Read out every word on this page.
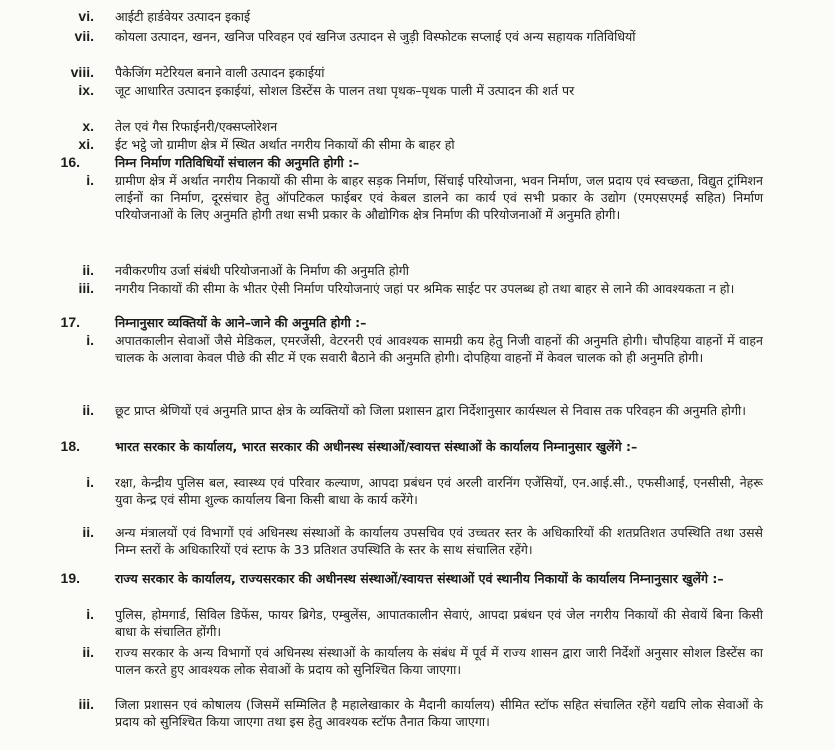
vi. आईटी हार्डवेयर उत्पादन इकाई
vii. कोयला उत्पादन, खनन, खनिज परिवहन एवं खनिज उत्पादन से जुड़ी विस्फोटक सप्लाई एवं अन्य सहायक गतिविधियों
viii. पैकेजिंग मटेरियल बनाने वाली उत्पादन इकाईयां
ix. जूट आधारित उत्पादन इकाईयां, सोशल डिस्टेंस के पालन तथा पृथक–पृथक पाली में उत्पादन की शर्त पर
x. तेल एवं गैस रिफाईनरी/एक्सप्लोरेशन
xi. ईट भट्ठे जो ग्रामीण क्षेत्र में स्थित अर्थात नगरीय निकायों की सीमा के बाहर हो
16.	निम्न निर्माण गतिविधियों संचालन की अनुमति होगी :–
i. ग्रामीण क्षेत्र में अर्थात नगरीय निकायों की सीमा के बाहर सड़क निर्माण, सिंचाई परियोजना, भवन निर्माण, जल प्रदाय एवं स्वच्छता, विद्युत ट्रांमिशन लाईनों का निर्माण, दूरसंचार हेतु ऑपटिकल फाईबर एवं केबल डालने का कार्य एवं सभी प्रकार के उद्योग (एमएसएमई सहित) निर्माण परियोजनाओं के लिए अनुमति होगी तथा सभी प्रकार के औद्योगिक क्षेत्र निर्माण की परियोजनाओं में अनुमति होगी।
ii. नवीकरणीय उर्जा संबंधी परियोजनाओं के निर्माण की अनुमति होगी
iii. नगरीय निकायों की सीमा के भीतर ऐसी निर्माण परियोजनाएं जहां पर श्रमिक साईट पर उपलब्ध हो तथा बाहर से लाने की आवश्यकता न हो।
17.	निम्नानुसार व्यक्तियों के आने–जाने की अनुमति होगी :–
i. अपातकालीन सेवाओं जैसे मेडिकल, एमरजेंसी, वेटरनरी एवं आवश्यक सामग्री कय हेतु निजी वाहनों की अनुमति होगी। चौपहिया वाहनों में वाहन चालक के अलावा केवल पीछे की सीट में एक सवारी बैठाने की अनुमति होगी। दोपहिया वाहनों में केवल चालक को ही अनुमति होगी।
ii. छूट प्राप्त श्रेणियों एवं अनुमति प्राप्त क्षेत्र के व्यक्तियों को जिला प्रशासन द्वारा निर्देशानुसार कार्यस्थल से निवास तक परिवहन की अनुमति होगी।
18.	भारत सरकार के कार्यालय, भारत सरकार की अधीनस्थ संस्थाओं/स्वायत्त संस्थाओं के कार्यालय निम्नानुसार खुलेंगे :–
i. रक्षा, केन्द्रीय पुलिस बल, स्वास्थ्य एवं परिवार कल्याण, आपदा प्रबंधन एवं अरली वारनिंग एजेंसियों, एन.आई.सी., एफसीआई, एनसीसी, नेहरू युवा केन्द्र एवं सीमा शुल्क कार्यालय बिना किसी बाधा के कार्य करेंगे।
ii. अन्य मंत्रालयों एवं विभागों एवं अधिनस्थ संस्थाओं के कार्यालय उपसचिव एवं उच्चतर स्तर के अधिकारियों की शतप्रतिशत उपस्थिति तथा उससे निम्न स्तरों के अधिकारियों एवं स्टाफ के 33 प्रतिशत उपस्थिति के स्तर के साथ संचालित रहेंगे।
19.	राज्य सरकार के कार्यालय, राज्यसरकार की अधीनस्थ संस्थाओं/स्वायत्त संस्थाओं एवं स्थानीय निकायों के कार्यालय निम्नानुसार खुलेंगे :–
i. पुलिस, होमगार्ड, सिविल डिफेंस, फायर ब्रिगेड, एम्बुलेंस, आपातकालीन सेवाएं, आपदा प्रबंधन एवं जेल नगरीय निकायों की सेवायें बिना किसी बाधा के संचालित होंगी।
ii. राज्य सरकार के अन्य विभागों एवं अधिनस्थ संस्थाओं के कार्यालय के संबंध में पूर्व में राज्य शासन द्वारा जारी निर्देशों अनुसार सोशल डिस्टेंस का पालन करते हुए आवश्यक लोक सेवाओं के प्रदाय को सुनिश्चित किया जाएगा।
iii. जिला प्रशासन एवं कोषालय (जिसमें सम्मिलित है महालेखाकार के मैदानी कार्यालय) सीमित स्टॉफ सहित संचालित रहेंगे यद्यपि लोक सेवाओं के प्रदाय को सुनिश्चित किया जाएगा तथा इस हेतु आवश्यक स्टॉफ तैनात किया जाएगा।
